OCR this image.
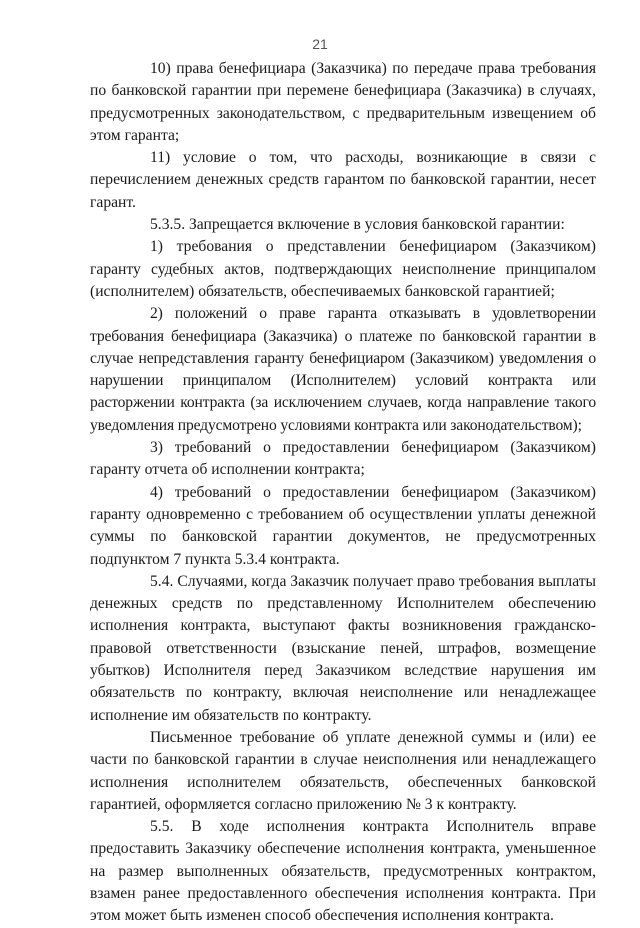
21

10) права бенефициара (Заказчика) по передаче права требования по банковской гарантии при перемене бенефициара (Заказчика) в случаях, предусмотренных законодательством, с предварительным извещением об этом гаранта;

11) условие о том, что расходы, возникающие в связи с перечислением денежных средств гарантом по банковской гарантии, несет гарант.

5.3.5. Запрещается включение в условия банковской гарантии:

1) требования о представлении бенефициаром (Заказчиком) гаранту судебных актов, подтверждающих неисполнение принципалом (исполнителем) обязательств, обеспечиваемых банковской гарантией;

2) положений о праве гаранта отказывать в удовлетворении требования бенефициара (Заказчика) о платеже по банковской гарантии в случае непредставления гаранту бенефициаром (Заказчиком) уведомления о нарушении принципалом (Исполнителем) условий контракта или расторжении контракта (за исключением случаев, когда направление такого уведомления предусмотрено условиями контракта или законодательством);

3) требований о предоставлении бенефициаром (Заказчиком) гаранту отчета об исполнении контракта;

4) требований о предоставлении бенефициаром (Заказчиком) гаранту одновременно с требованием об осуществлении уплаты денежной суммы по банковской гарантии документов, не предусмотренных подпунктом 7 пункта 5.3.4 контракта.

5.4. Случаями, когда Заказчик получает право требования выплаты денежных средств по представленному Исполнителем обеспечению исполнения контракта, выступают факты возникновения гражданско-правовой ответственности (взыскание пеней, штрафов, возмещение убытков) Исполнителя перед Заказчиком вследствие нарушения им обязательств по контракту, включая неисполнение или ненадлежащее исполнение им обязательств по контракту.

Письменное требование об уплате денежной суммы и (или) ее части по банковской гарантии в случае неисполнения или ненадлежащего исполнения исполнителем обязательств, обеспеченных банковской гарантией, оформляется согласно приложению № 3 к контракту.

5.5. В ходе исполнения контракта Исполнитель вправе предоставить Заказчику обеспечение исполнения контракта, уменьшенное на размер выполненных обязательств, предусмотренных контрактом, взамен ранее предоставленного обеспечения исполнения контракта. При этом может быть изменен способ обеспечения исполнения контракта.
